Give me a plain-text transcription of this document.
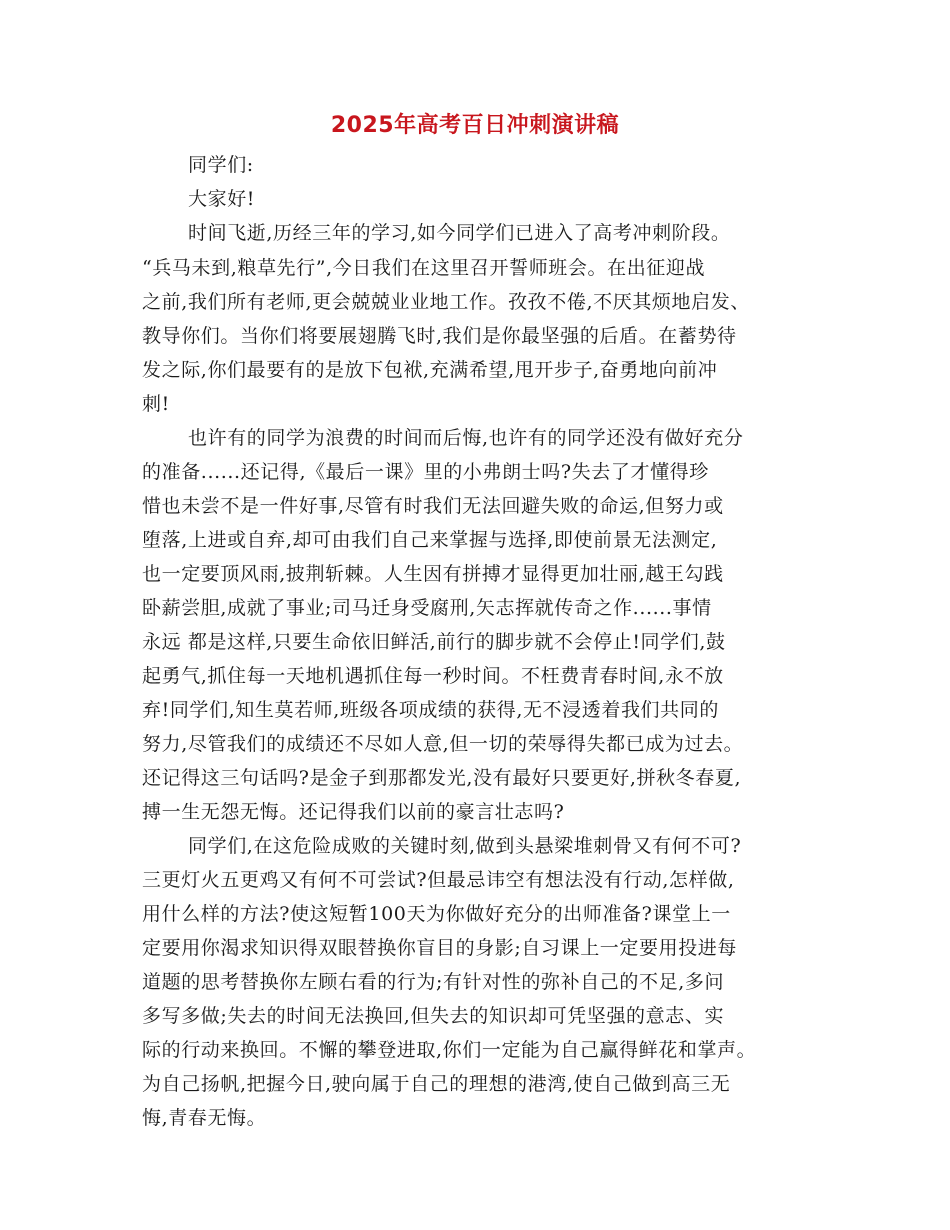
2025年高考百日冲刺演讲稿
同学们:
大家好!
时间飞逝,历经三年的学习,如今同学们已进入了高考冲刺阶段。
“兵马未到,粮草先行”,今日我们在这里召开誓师班会。在出征迎战
之前,我们所有老师,更会兢兢业业地工作。孜孜不倦,不厌其烦地启发、
教导你们。当你们将要展翅腾飞时,我们是你最坚强的后盾。在蓄势待
发之际,你们最要有的是放下包袱,充满希望,甩开步子,奋勇地向前冲
刺!
也许有的同学为浪费的时间而后悔,也许有的同学还没有做好充分
的准备......还记得,《最后一课》里的小弗朗士吗?失去了才懂得珍
惜也未尝不是一件好事,尽管有时我们无法回避失败的命运,但努力或
堕落,上进或自弃,却可由我们自己来掌握与选择,即使前景无法测定,
也一定要顶风雨,披荆斩棘。人生因有拼搏才显得更加壮丽,越王勾践
卧薪尝胆,成就了事业;司马迁身受腐刑,矢志挥就传奇之作......事情
永远 都是这样,只要生命依旧鲜活,前行的脚步就不会停止!同学们,鼓
起勇气,抓住每一天地机遇抓住每一秒时间。不枉费青春时间,永不放
弃!同学们,知生莫若师,班级各项成绩的获得,无不浸透着我们共同的
努力,尽管我们的成绩还不尽如人意,但一切的荣辱得失都已成为过去。
还记得这三句话吗?是金子到那都发光,没有最好只要更好,拼秋冬春夏,
搏一生无怨无悔。还记得我们以前的豪言壮志吗?
同学们,在这危险成败的关键时刻,做到头悬梁堆刺骨又有何不可?
三更灯火五更鸡又有何不可尝试?但最忌讳空有想法没有行动,怎样做,
用什么样的方法?使这短暂100天为你做好充分的出师准备?课堂上一
定要用你渴求知识得双眼替换你盲目的身影;自习课上一定要用投进每
道题的思考替换你左顾右看的行为;有针对性的弥补自己的不足,多问
多写多做;失去的时间无法换回,但失去的知识却可凭坚强的意志、实
际的行动来换回。不懈的攀登进取,你们一定能为自己赢得鲜花和掌声。
为自己扬帆,把握今日,驶向属于自己的理想的港湾,使自己做到高三无
悔,青春无悔。
